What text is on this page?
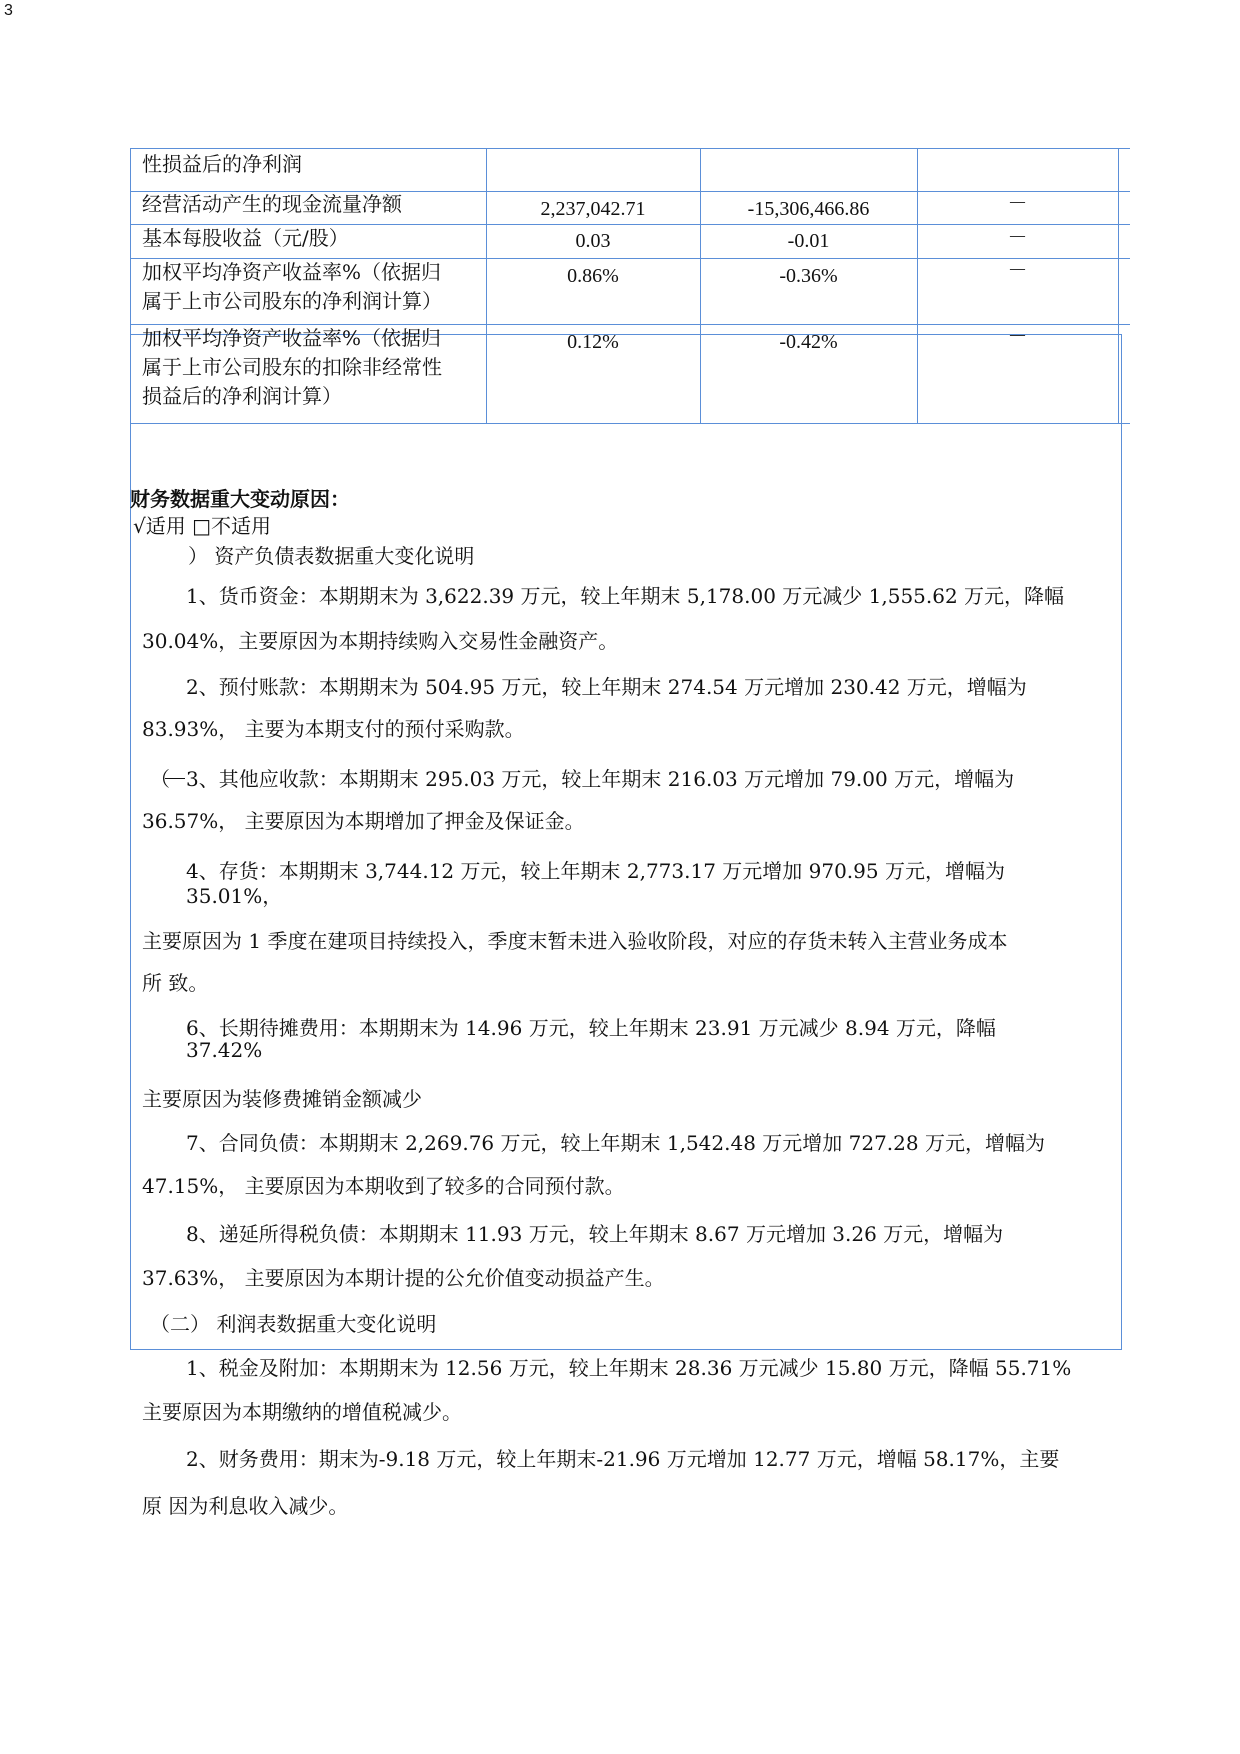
3
性损益后的净利润
经营活动产生的现金流量净额	2,237,042.71	-15,306,466.86	－
基本每股收益（元/股）	0.03	-0.01	－
加权平均净资产收益率%（依据归
属于上市公司股东的净利润计算）
0.86%	-0.36%	－
加权平均净资产收益率%（依据归
属于上市公司股东的扣除非经常性
损益后的净利润计算）
0.12%	-0.42%	－
财务数据重大变动原因：
√适用 □不适用
） 资产负债表数据重大变化说明
1、货币资金：本期期末为 3,622.39 万元，较上年期末 5,178.00 万元减少 1,555.62 万元，降幅
30.04%，主要原因为本期持续购入交易性金融资产。
2、预付账款：本期期末为 504.95 万元，较上年期末 274.54 万元增加 230.42 万元，增幅为
83.93%， 主要为本期支付的预付采购款。
（ 3、其他应收款：本期期末 295.03 万元，较上年期末 216.03 万元增加 79.00 万元，增幅为
36.57%， 主要原因为本期增加了押金及保证金。
4、存货：本期期末 3,744.12 万元，较上年期末 2,773.17 万元增加 970.95 万元，增幅为
35.01%，
主要原因为 1 季度在建项目持续投入，季度末暂未进入验收阶段，对应的存货未转入主营业务成本
所 致。
6、长期待摊费用：本期期末为 14.96 万元，较上年期末 23.91 万元减少 8.94 万元，降幅
37.42%
主要原因为装修费摊销金额减少
7、合同负债：本期期末 2,269.76 万元，较上年期末 1,542.48 万元增加 727.28 万元，增幅为
47.15%， 主要原因为本期收到了较多的合同预付款。
8、递延所得税负债：本期期末 11.93 万元，较上年期末 8.67 万元增加 3.26 万元，增幅为
37.63%， 主要原因为本期计提的公允价值变动损益产生。
（二） 利润表数据重大变化说明
1、税金及附加：本期期末为 12.56 万元，较上年期末 28.36 万元减少 15.80 万元，降幅 55.71%
主要原因为本期缴纳的增值税减少。
2、财务费用：期末为-9.18 万元，较上年期末-21.96 万元增加 12.77 万元，增幅 58.17%，主要
原 因为利息收入减少。
